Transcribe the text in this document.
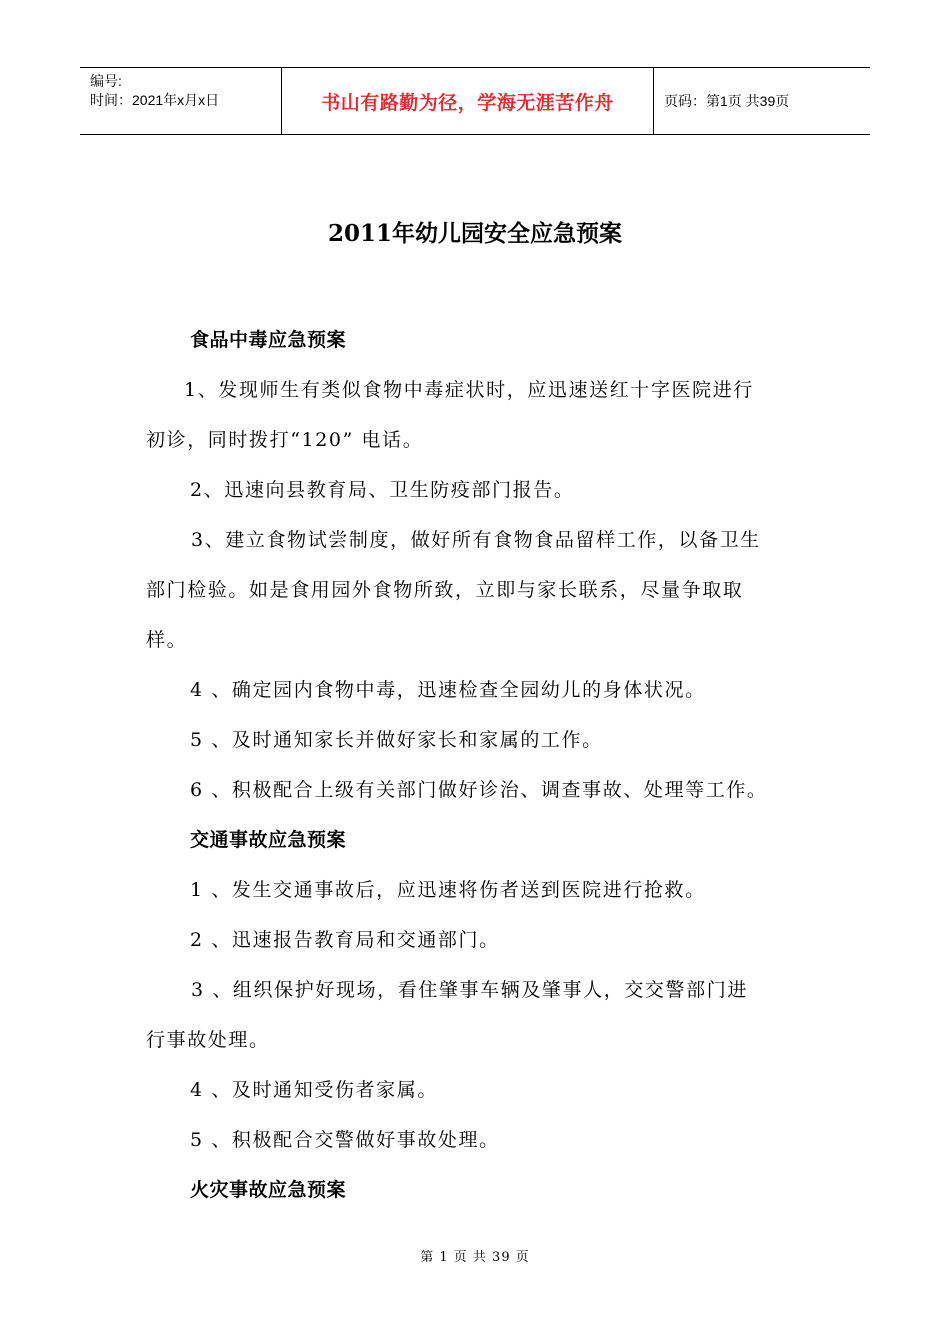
编号:
时间：2021年x月x日	书山有路勤为径，学海无涯苦作舟	页码：第1页 共39页
2011年幼儿园安全应急预案
食品中毒应急预案
1、发现师生有类似食物中毒症状时，应迅速送红十字医院进行
初诊，同时拨打“120” 电话。
2、迅速向县教育局、卫生防疫部门报告。
3、建立食物试尝制度，做好所有食物食品留样工作，以备卫生
部门检验。如是食用园外食物所致，立即与家长联系，尽量争取取
样。
4 、确定园内食物中毒，迅速检查全园幼儿的身体状况。
5 、及时通知家长并做好家长和家属的工作。
6 、积极配合上级有关部门做好诊治、调查事故、处理等工作。
交通事故应急预案
1 、发生交通事故后，应迅速将伤者送到医院进行抢救。
2 、迅速报告教育局和交通部门。
3 、组织保护好现场，看住肇事车辆及肇事人，交交警部门进
行事故处理。
4 、及时通知受伤者家属。
5 、积极配合交警做好事故处理。
火灾事故应急预案
第 1 页 共 39 页
